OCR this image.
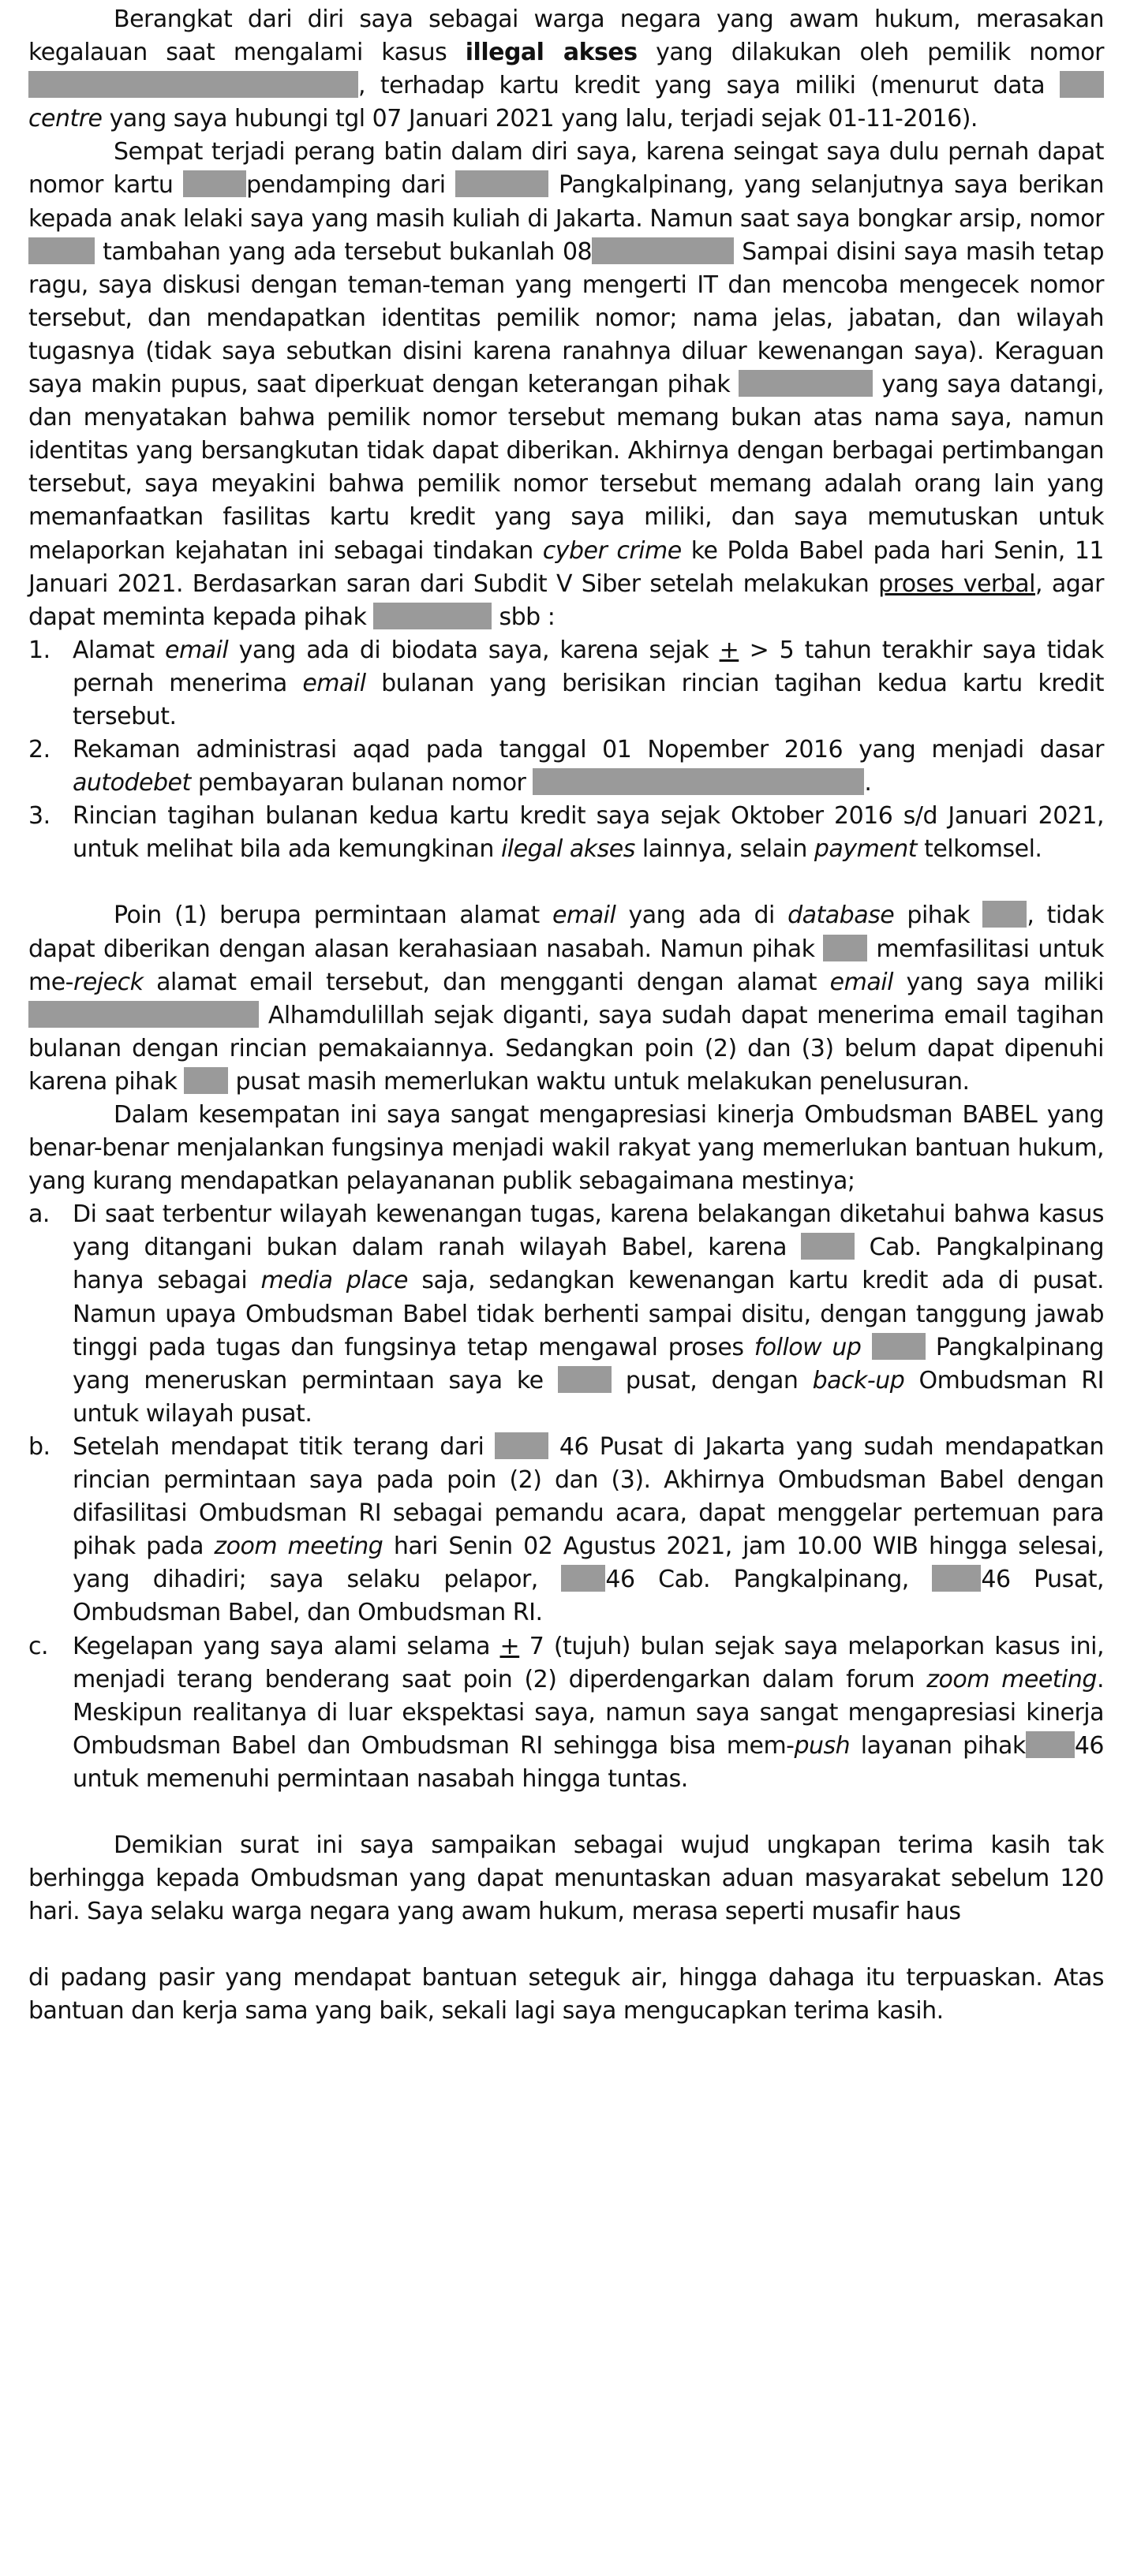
Berangkat dari diri saya sebagai warga negara yang awam hukum, merasakan kegalauan saat mengalami kasus illegal akses yang dilakukan oleh pemilik nomor , terhadap kartu kredit yang saya miliki (menurut data  centre yang saya hubungi tgl 07 Januari 2021 yang lalu, terjadi sejak 01-11-2016).

Sempat terjadi perang batin dalam diri saya, karena seingat saya dulu pernah dapat nomor kartu	pendamping dari	Pangkalpinang, yang selanjutnya saya berikan kepada anak lelaki saya yang masih kuliah di Jakarta. Namun saat saya bongkar arsip, nomor  tambahan yang ada tersebut bukanlah 08	Sampai disini saya masih tetap ragu, saya diskusi dengan teman-teman yang mengerti IT dan mencoba mengecek nomor tersebut, dan mendapatkan identitas pemilik nomor; nama jelas, jabatan, dan wilayah tugasnya (tidak saya sebutkan disini karena ranahnya diluar kewenangan saya). Keraguan saya makin pupus, saat diperkuat dengan keterangan pihak	yang saya datangi, dan menyatakan bahwa pemilik nomor tersebut memang bukan atas nama saya, namun identitas yang bersangkutan tidak dapat diberikan. Akhirnya dengan berbagai pertimbangan tersebut, saya meyakini bahwa pemilik nomor tersebut memang adalah orang lain yang memanfaatkan fasilitas kartu kredit yang saya miliki, dan saya memutuskan untuk melaporkan kejahatan ini sebagai tindakan cyber crime ke Polda Babel pada hari Senin, 11 Januari 2021. Berdasarkan saran dari Subdit V Siber setelah melakukan proses verbal, agar dapat meminta kepada pihak	sbb :

1. Alamat email yang ada di biodata saya, karena sejak + > 5 tahun terakhir saya tidak pernah menerima email bulanan yang berisikan rincian tagihan kedua kartu kredit tersebut.
2. Rekaman administrasi aqad pada tanggal 01 Nopember 2016 yang menjadi dasar autodebet pembayaran bulanan nomor	.
3. Rincian tagihan bulanan kedua kartu kredit saya sejak Oktober 2016 s/d Januari 2021, untuk melihat bila ada kemungkinan ilegal akses lainnya, selain payment telkomsel.

Poin (1) berupa permintaan alamat email yang ada di database pihak , tidak dapat diberikan dengan alasan kerahasiaan nasabah. Namun pihak  memfasilitasi untuk me-rejeck alamat email tersebut, dan mengganti dengan alamat email yang saya miliki  Alhamdulillah sejak diganti, saya sudah dapat menerima email tagihan bulanan dengan rincian pemakaiannya. Sedangkan poin (2) dan (3) belum dapat dipenuhi karena pihak  pusat masih memerlukan waktu untuk melakukan penelusuran.

Dalam kesempatan ini saya sangat mengapresiasi kinerja Ombudsman BABEL yang benar-benar menjalankan fungsinya menjadi wakil rakyat yang memerlukan bantuan hukum, yang kurang mendapatkan pelayananan publik sebagaimana mestinya;

a. Di saat terbentur wilayah kewenangan tugas, karena belakangan diketahui bahwa kasus yang ditangani bukan dalam ranah wilayah Babel, karena  Cab. Pangkalpinang hanya sebagai media place saja, sedangkan kewenangan kartu kredit ada di pusat. Namun upaya Ombudsman Babel tidak berhenti sampai disitu, dengan tanggung jawab tinggi pada tugas dan fungsinya tetap mengawal proses follow up	Pangkalpinang yang meneruskan permintaan saya ke  pusat, dengan back-up Ombudsman RI untuk wilayah pusat.
b. Setelah mendapat titik terang dari  46 Pusat di Jakarta yang sudah mendapatkan rincian permintaan saya pada poin (2) dan (3). Akhirnya Ombudsman Babel dengan difasilitasi Ombudsman RI sebagai pemandu acara, dapat menggelar pertemuan para pihak pada zoom meeting hari Senin 02 Agustus 2021, jam 10.00 WIB hingga selesai, yang dihadiri; saya selaku pelapor, 46 Cab. Pangkalpinang, 46 Pusat, Ombudsman Babel, dan Ombudsman RI.
c. Kegelapan yang saya alami selama + 7 (tujuh) bulan sejak saya melaporkan kasus ini, menjadi terang benderang saat poin (2) diperdengarkan dalam forum zoom meeting. Meskipun realitanya di luar ekspektasi saya, namun saya sangat mengapresiasi kinerja Ombudsman Babel dan Ombudsman RI sehingga bisa mem-push layanan pihak 46 untuk memenuhi permintaan nasabah hingga tuntas.

Demikian surat ini saya sampaikan sebagai wujud ungkapan terima kasih tak berhingga kepada Ombudsman yang dapat menuntaskan aduan masyarakat sebelum 120 hari. Saya selaku warga negara yang awam hukum, merasa seperti musafir haus

di padang pasir yang mendapat bantuan seteguk air, hingga dahaga itu terpuaskan. Atas bantuan dan kerja sama yang baik, sekali lagi saya mengucapkan terima kasih.
